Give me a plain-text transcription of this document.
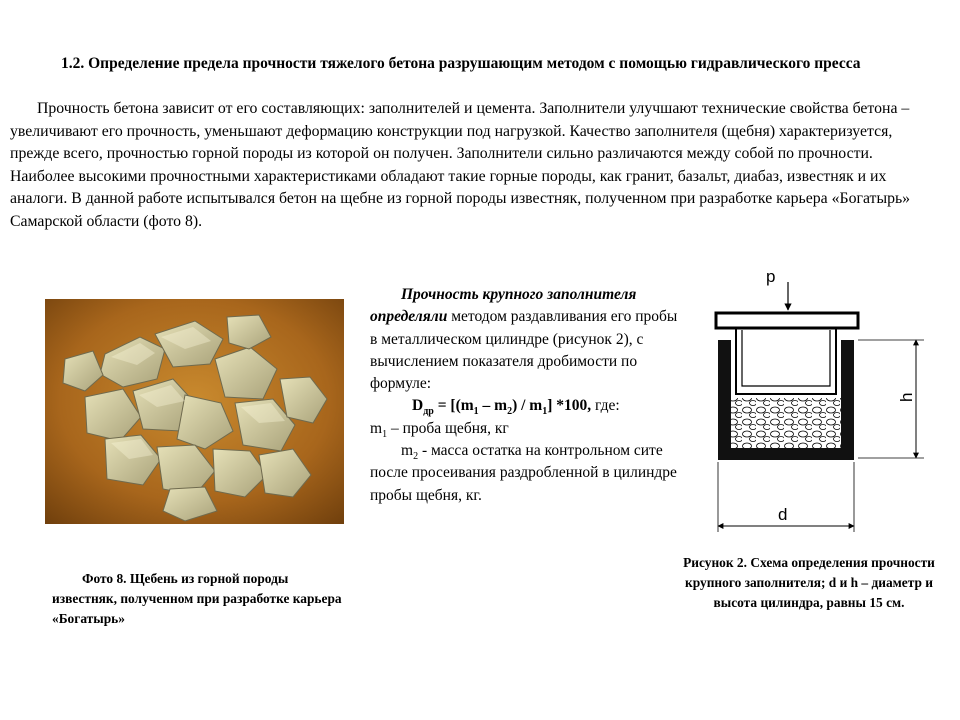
1.2. Определение предела прочности тяжелого бетона разрушающим методом с помощью гидравлического пресса
Прочность бетона зависит от его составляющих: заполнителей и цемента. Заполнители улучшают технические свойства бетона – увеличивают его прочность, уменьшают деформацию конструкции под нагрузкой. Качество заполнителя (щебня) характеризуется, прежде всего, прочностью горной породы из которой он получен. Заполнители сильно различаются между собой по прочности. Наиболее высокими прочностными характеристиками обладают такие горные породы, как гранит, базальт, диабаз, известняк и их аналоги. В данной работе испытывался бетон на щебне из горной породы известняк, полученном при разработке карьера «Богатырь» Самарской области (фото 8).
Фото 8. Щебень из горной породы известняк, полученном при разработке карьера «Богатырь»

Прочность крупного заполнителя определяли методом раздавливания его пробы в металлическом цилиндре (рисунок 2), с вычислением показателя дробимости по формуле:

$D_{др} = [(m_1 - m_2) / m_1]$ *100, где:

$m_1$ – проба щебня, кг

$m_2$ - масса остатка на контрольном сите после просеивания раздробленной в цилиндре пробы щебня, кг.

p
h
d
Рисунок 2. Схема определения прочности крупного заполнителя; d и h – диаметр и высота цилиндра, равны 15 см.
